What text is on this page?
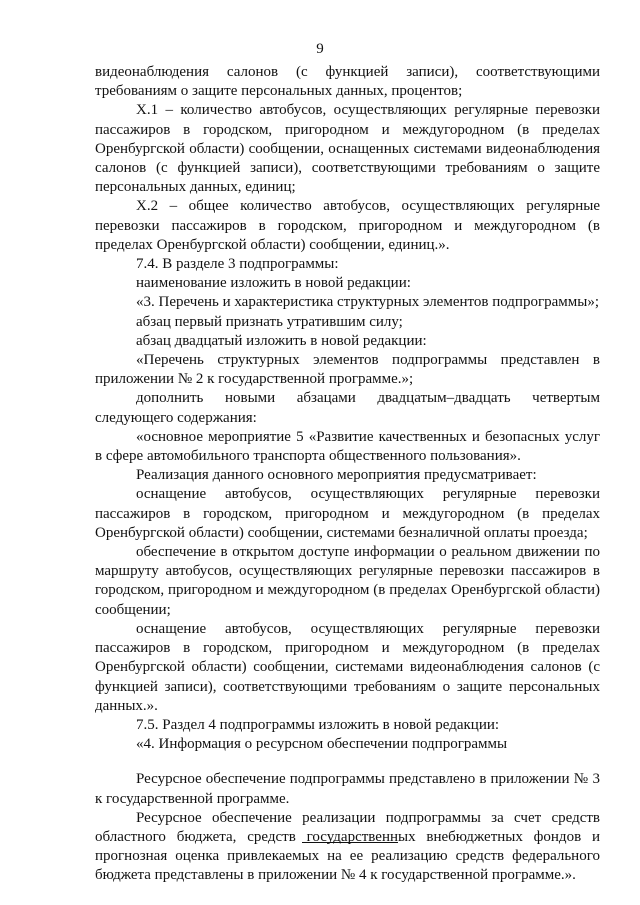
9

видеонаблюдения салонов (с функцией записи), соответствующими требованиям о защите персональных данных, процентов;

Х.1 – количество автобусов, осуществляющих регулярные перевозки пассажиров в городском, пригородном и междугородном (в пределах Оренбургской области) сообщении, оснащенных системами видеонаблюдения салонов (с функцией записи), соответствующими требованиям о защите персональных данных, единиц;

Х.2 – общее количество автобусов, осуществляющих регулярные перевозки пассажиров в городском, пригородном и междугородном (в пределах Оренбургской области) сообщении, единиц.».

7.4. В разделе 3 подпрограммы:

наименование изложить в новой редакции:

«3. Перечень и характеристика структурных элементов подпрограммы»;

абзац первый признать утратившим силу;

абзац двадцатый изложить в новой редакции:

«Перечень структурных элементов подпрограммы представлен в приложении № 2 к государственной программе.»;

дополнить новыми абзацами двадцатым–двадцать четвертым следующего содержания:

«основное мероприятие 5 «Развитие качественных и безопасных услуг в сфере автомобильного транспорта общественного пользования».

Реализация данного основного мероприятия предусматривает:

оснащение автобусов, осуществляющих регулярные перевозки пассажиров в городском, пригородном и междугородном (в пределах Оренбургской области) сообщении, системами безналичной оплаты проезда;

обеспечение в открытом доступе информации о реальном движении по маршруту автобусов, осуществляющих регулярные перевозки пассажиров в городском, пригородном и междугородном (в пределах Оренбургской области) сообщении;

оснащение автобусов, осуществляющих регулярные перевозки пассажиров в городском, пригородном и междугородном (в пределах Оренбургской области) сообщении, системами видеонаблюдения салонов (с функцией записи), соответствующими требованиям о защите персональных данных.».

7.5. Раздел 4 подпрограммы изложить в новой редакции:

«4. Информация о ресурсном обеспечении подпрограммы

Ресурсное обеспечение подпрограммы представлено в приложении № 3 к государственной программе.

Ресурсное обеспечение реализации подпрограммы за счет средств областного бюджета, средств государственных внебюджетных фондов и прогнозная оценка привлекаемых на ее реализацию средств федерального бюджета представлены в приложении № 4 к государственной программе.».
